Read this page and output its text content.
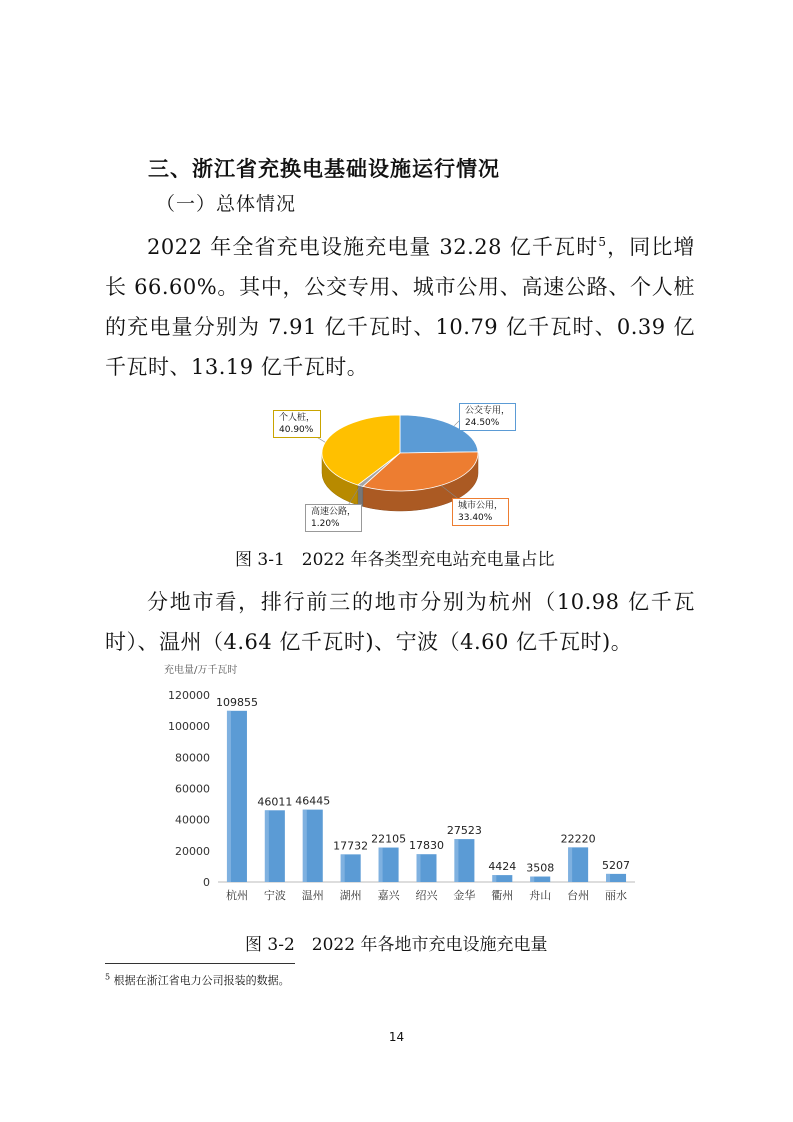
三、浙江省充换电基础设施运行情况
（一）总体情况
2022 年全省充电设施充电量 32.28 亿千瓦时$^5$，同比增长 66.60%。其中，公交专用、城市公用、高速公路、个人桩的充电量分别为 7.91 亿千瓦时、10.79 亿千瓦时、0.39 亿千瓦时、13.19 亿千瓦时。
个人桩，
40.90%
公交专用，
24.50%
城市公用，
33.40%
高速公路，
1.20%
图 3-1　2022 年各类型充电站充电量占比
分地市看，排行前三的地市分别为杭州（10.98 亿千瓦时）、温州（4.64 亿千瓦时)、宁波（4.60 亿千瓦时)。
充电量/万千瓦时
0
20000
40000
60000
80000
100000
120000
109855
杭州
46011
宁波
46445
温州
17732
湖州
22105
嘉兴
17830
绍兴
27523
金华
4424
衢州
3508
舟山
22220
台州
5207
丽水
图 3-2　2022 年各地市充电设施充电量
$^5$ 根据在浙江省电力公司报装的数据。
14
